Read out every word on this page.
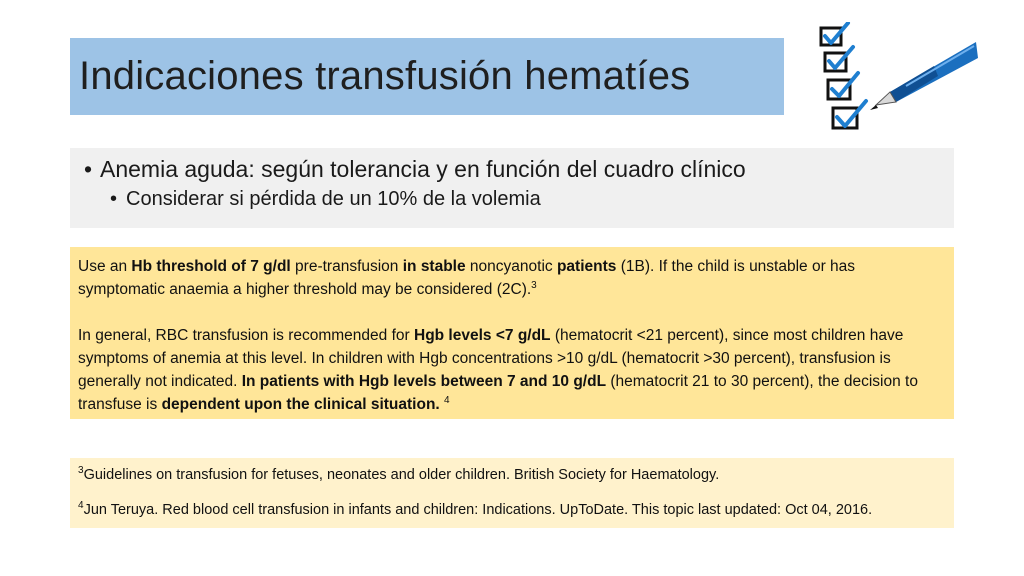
Indicaciones transfusión hematíes
• Anemia aguda: según tolerancia y en función del cuadro clínico
• Considerar si pérdida de un 10% de la volemia

Use an Hb threshold of 7 g/dl pre-transfusion in stable noncyanotic patients (1B). If the child is unstable or has symptomatic anaemia a higher threshold may be considered (2C).$^3$

In general, RBC transfusion is recommended for Hgb levels <7 g/dL (hematocrit <21 percent), since most children have symptoms of anemia at this level. In children with Hgb concentrations >10 g/dL (hematocrit >30 percent), transfusion is generally not indicated. In patients with Hgb levels between 7 and 10 g/dL (hematocrit 21 to 30 percent), the decision to transfuse is dependent upon the clinical situation. $^4$

$^3$Guidelines on transfusion for fetuses, neonates and older children. British Society for Haematology.

$^4$Jun Teruya. Red blood cell transfusion in infants and children: Indications. UpToDate. This topic last updated: Oct 04, 2016.
